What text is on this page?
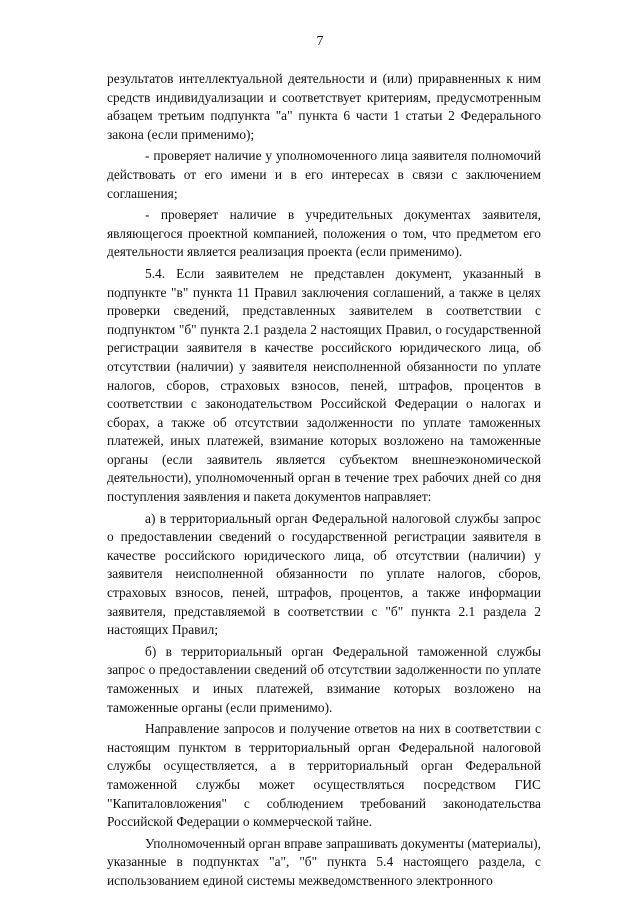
7

результатов интеллектуальной деятельности и (или) приравненных к ним средств индивидуализации и соответствует критериям, предусмотренным абзацем третьим подпункта "а" пункта 6 части 1 статьи 2 Федерального закона (если применимо);

- проверяет наличие у уполномоченного лица заявителя полномочий действовать от его имени и в его интересах в связи с заключением соглашения;

- проверяет наличие в учредительных документах заявителя, являющегося проектной компанией, положения о том, что предметом его деятельности является реализация проекта (если применимо).

5.4. Если заявителем не представлен документ, указанный в подпункте "в" пункта 11 Правил заключения соглашений, а также в целях проверки сведений, представленных заявителем в соответствии с подпунктом "б" пункта 2.1 раздела 2 настоящих Правил, о государственной регистрации заявителя в качестве российского юридического лица, об отсутствии (наличии) у заявителя неисполненной обязанности по уплате налогов, сборов, страховых взносов, пеней, штрафов, процентов в соответствии с законодательством Российской Федерации о налогах и сборах, а также об отсутствии задолженности по уплате таможенных платежей, иных платежей, взимание которых возложено на таможенные органы (если заявитель является субъектом внешнеэкономической деятельности), уполномоченный орган в течение трех рабочих дней со дня поступления заявления и пакета документов направляет:

а) в территориальный орган Федеральной налоговой службы запрос о предоставлении сведений о государственной регистрации заявителя в качестве российского юридического лица, об отсутствии (наличии) у заявителя неисполненной обязанности по уплате налогов, сборов, страховых взносов, пеней, штрафов, процентов, а также информации заявителя, представляемой в соответствии с "б" пункта 2.1 раздела 2 настоящих Правил;

б) в территориальный орган Федеральной таможенной службы запрос о предоставлении сведений об отсутствии задолженности по уплате таможенных и иных платежей, взимание которых возложено на таможенные органы (если применимо).

Направление запросов и получение ответов на них в соответствии с настоящим пунктом в территориальный орган Федеральной налоговой службы осуществляется, а в территориальный орган Федеральной таможенной службы может осуществляться посредством ГИС "Капиталовложения" с соблюдением требований законодательства Российской Федерации о коммерческой тайне.

Уполномоченный орган вправе запрашивать документы (материалы), указанные в подпунктах "а", "б" пункта 5.4 настоящего раздела, с использованием единой системы межведомственного электронного
